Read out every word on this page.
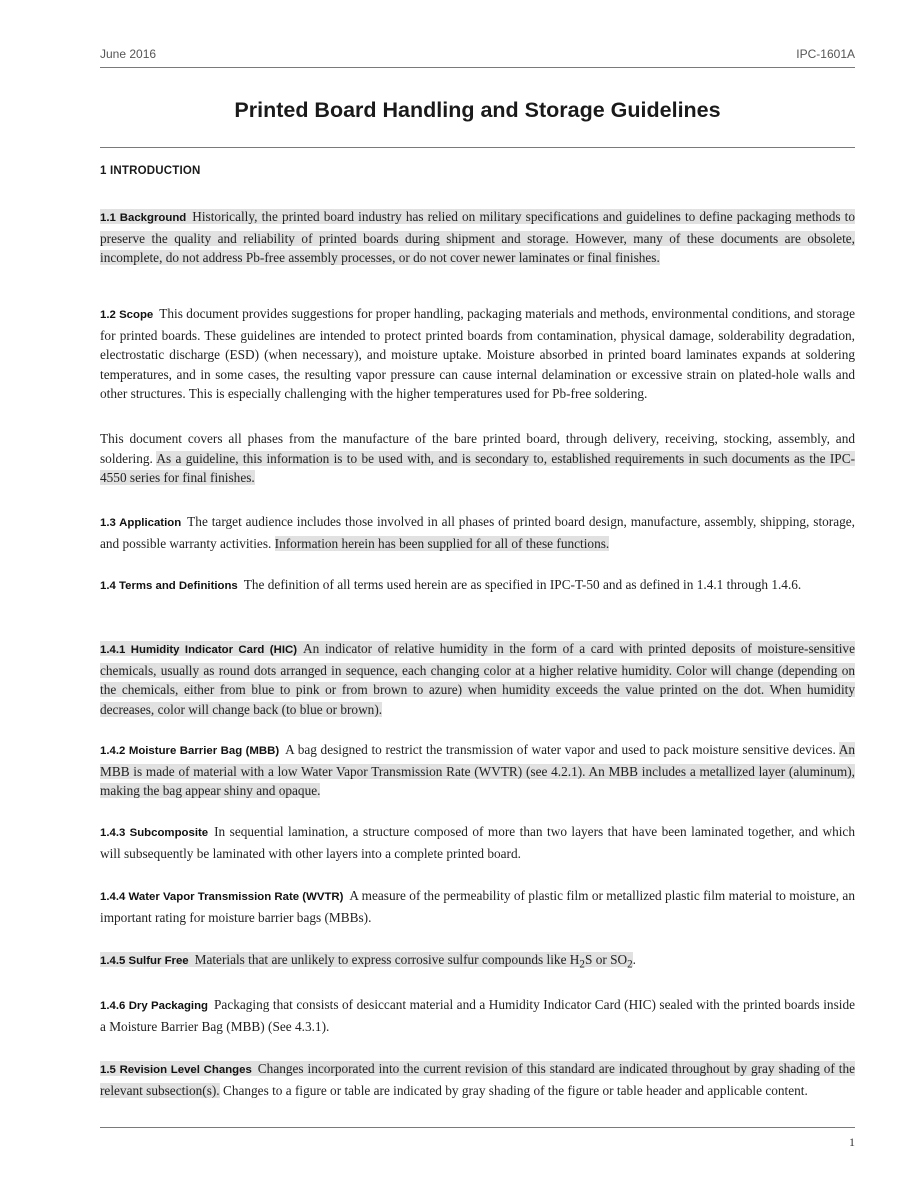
June 2016	IPC-1601A
Printed Board Handling and Storage Guidelines
1 INTRODUCTION

1.1 Background Historically, the printed board industry has relied on military specifications and guidelines to define packaging methods to preserve the quality and reliability of printed boards during shipment and storage. However, many of these documents are obsolete, incomplete, do not address Pb-free assembly processes, or do not cover newer laminates or final finishes.

1.2 Scope This document provides suggestions for proper handling, packaging materials and methods, environmental conditions, and storage for printed boards. These guidelines are intended to protect printed boards from contamination, physical damage, solderability degradation, electrostatic discharge (ESD) (when necessary), and moisture uptake. Moisture absorbed in printed board laminates expands at soldering temperatures, and in some cases, the resulting vapor pressure can cause internal delamination or excessive strain on plated-hole walls and other structures. This is especially challenging with the higher temperatures used for Pb-free soldering.

This document covers all phases from the manufacture of the bare printed board, through delivery, receiving, stocking, assembly, and soldering. As a guideline, this information is to be used with, and is secondary to, established requirements in such documents as the IPC-4550 series for final finishes.

1.3 Application The target audience includes those involved in all phases of printed board design, manufacture, assembly, shipping, storage, and possible warranty activities. Information herein has been supplied for all of these functions.

1.4 Terms and Definitions The definition of all terms used herein are as specified in IPC-T-50 and as defined in 1.4.1 through 1.4.6.

1.4.1 Humidity Indicator Card (HIC) An indicator of relative humidity in the form of a card with printed deposits of moisture-sensitive chemicals, usually as round dots arranged in sequence, each changing color at a higher relative humidity. Color will change (depending on the chemicals, either from blue to pink or from brown to azure) when humidity exceeds the value printed on the dot. When humidity decreases, color will change back (to blue or brown).

1.4.2 Moisture Barrier Bag (MBB) A bag designed to restrict the transmission of water vapor and used to pack moisture sensitive devices. An MBB is made of material with a low Water Vapor Transmission Rate (WVTR) (see 4.2.1). An MBB includes a metallized layer (aluminum), making the bag appear shiny and opaque.

1.4.3 Subcomposite In sequential lamination, a structure composed of more than two layers that have been laminated together, and which will subsequently be laminated with other layers into a complete printed board.

1.4.4 Water Vapor Transmission Rate (WVTR) A measure of the permeability of plastic film or metallized plastic film material to moisture, an important rating for moisture barrier bags (MBBs).

1.4.5 Sulfur Free Materials that are unlikely to express corrosive sulfur compounds like $H_2S$ or $SO_2$.

1.4.6 Dry Packaging Packaging that consists of desiccant material and a Humidity Indicator Card (HIC) sealed with the printed boards inside a Moisture Barrier Bag (MBB) (See 4.3.1).

1.5 Revision Level Changes Changes incorporated into the current revision of this standard are indicated throughout by gray shading of the relevant subsection(s). Changes to a figure or table are indicated by gray shading of the figure or table header and applicable content.

1
